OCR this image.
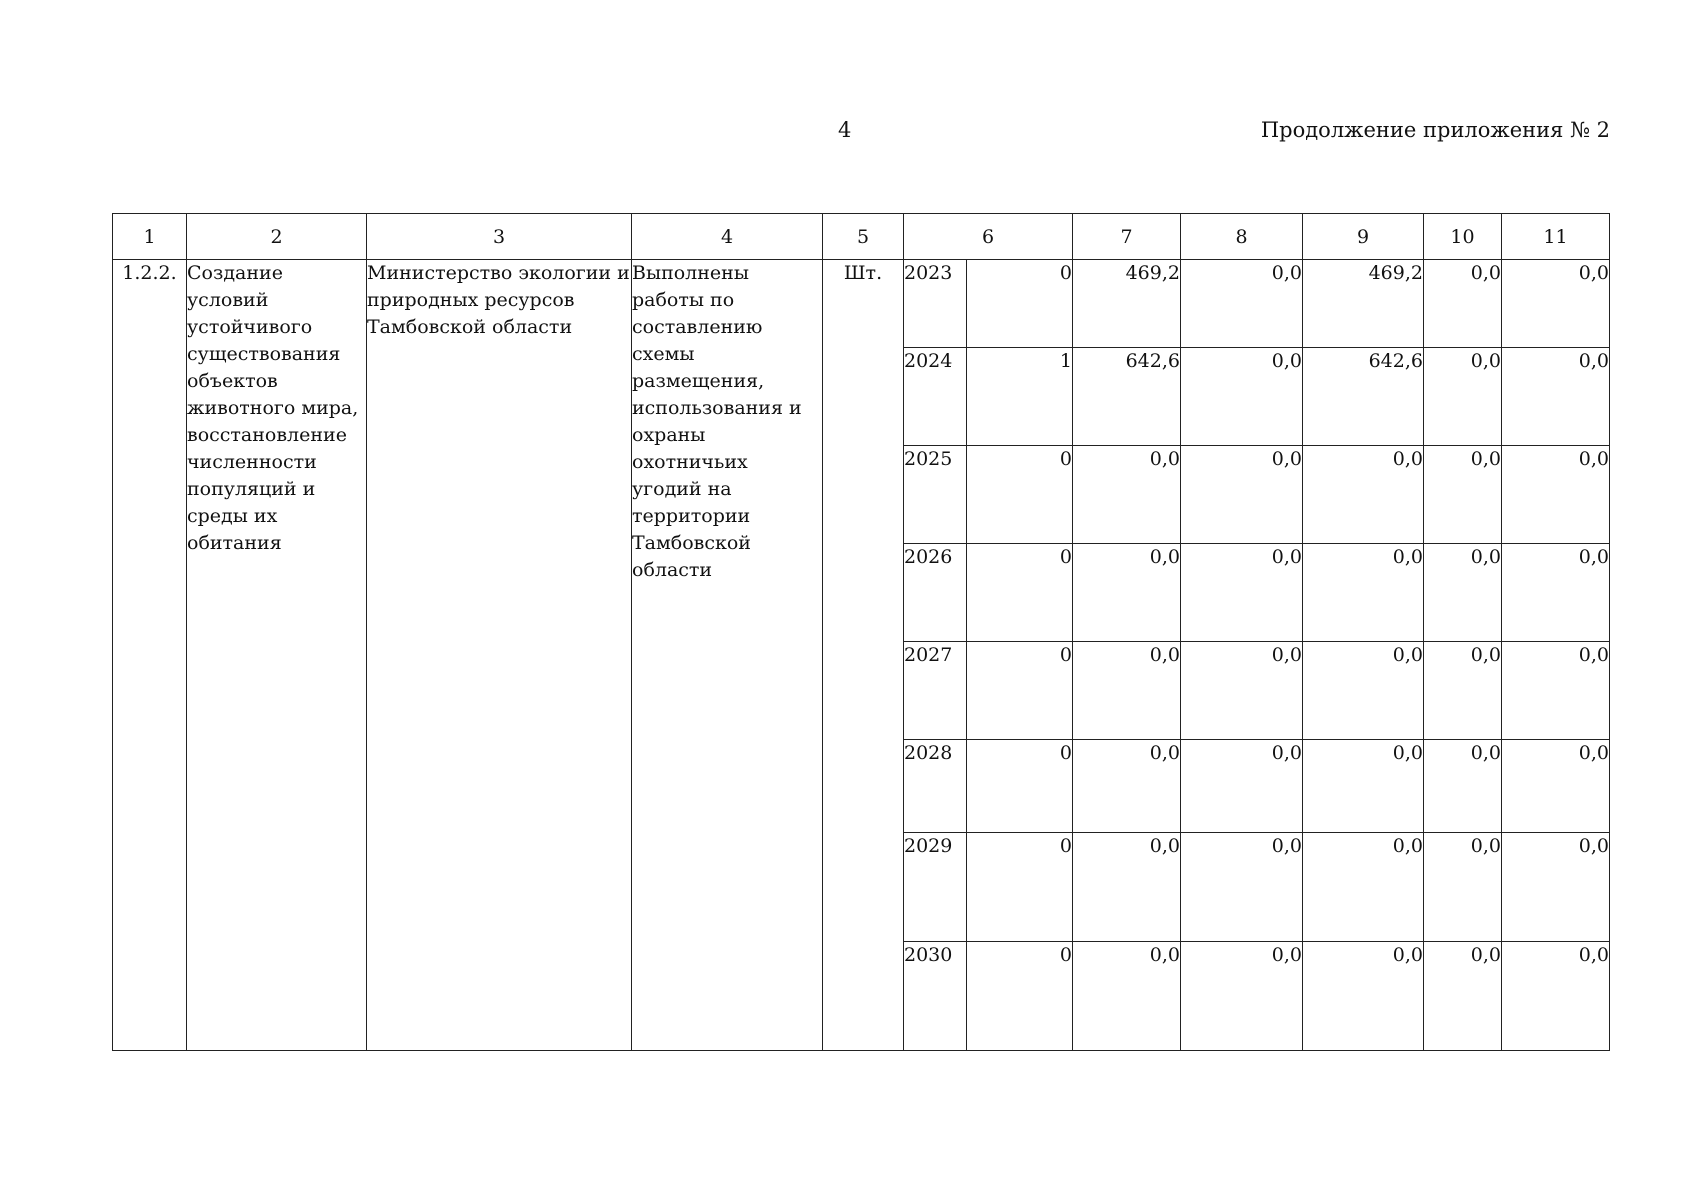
4	Продолжение приложения № 2
1	2	3	4	5	6		7	8	9	10	11
1.2.2.	Создание условий устойчивого существования объектов животного мира, восстановление численности популяций и среды их обитания	Министерство экологии и природных ресурсов Тамбовской области	Выполнены работы по составлению схемы размещения, использования и охраны охотничьих угодий на территории Тамбовской области	Шт.	2023	0	469,2	0,0	469,2	0,0	0,0
					2024	1	642,6	0,0	642,6	0,0	0,0
					2025	0	0,0	0,0	0,0	0,0	0,0
					2026	0	0,0	0,0	0,0	0,0	0,0
					2027	0	0,0	0,0	0,0	0,0	0,0
					2028	0	0,0	0,0	0,0	0,0	0,0
					2029	0	0,0	0,0	0,0	0,0	0,0
					2030	0	0,0	0,0	0,0	0,0	0,0
